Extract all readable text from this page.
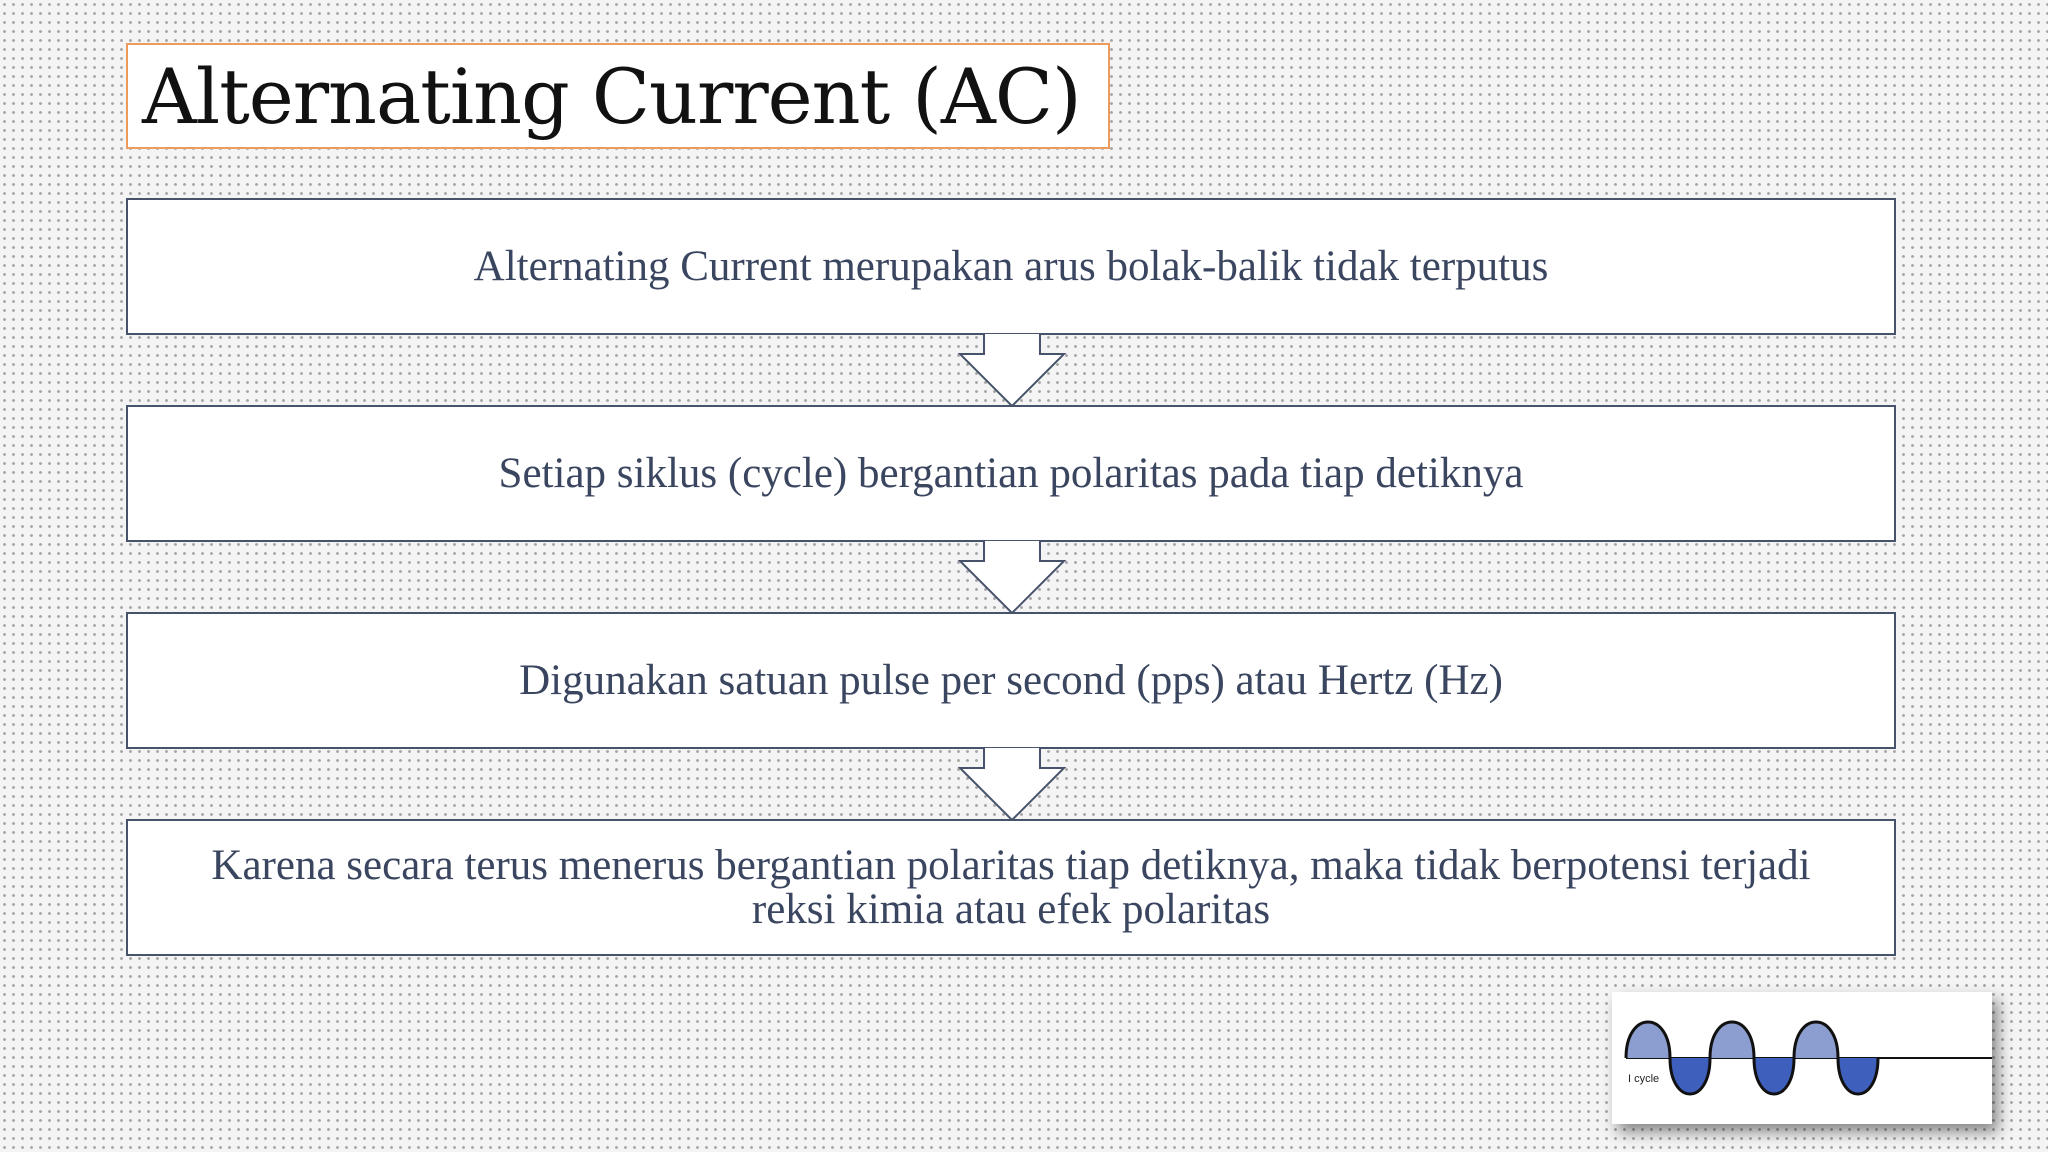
Alternating Current (AC)
Alternating Current merupakan arus bolak-balik tidak terputus
Setiap siklus (cycle) bergantian polaritas pada tiap detiknya
Digunakan satuan pulse per second (pps) atau Hertz (Hz)
Karena secara terus menerus bergantian polaritas tiap detiknya, maka tidak berpotensi terjadi reksi kimia atau efek polaritas
I cycle
